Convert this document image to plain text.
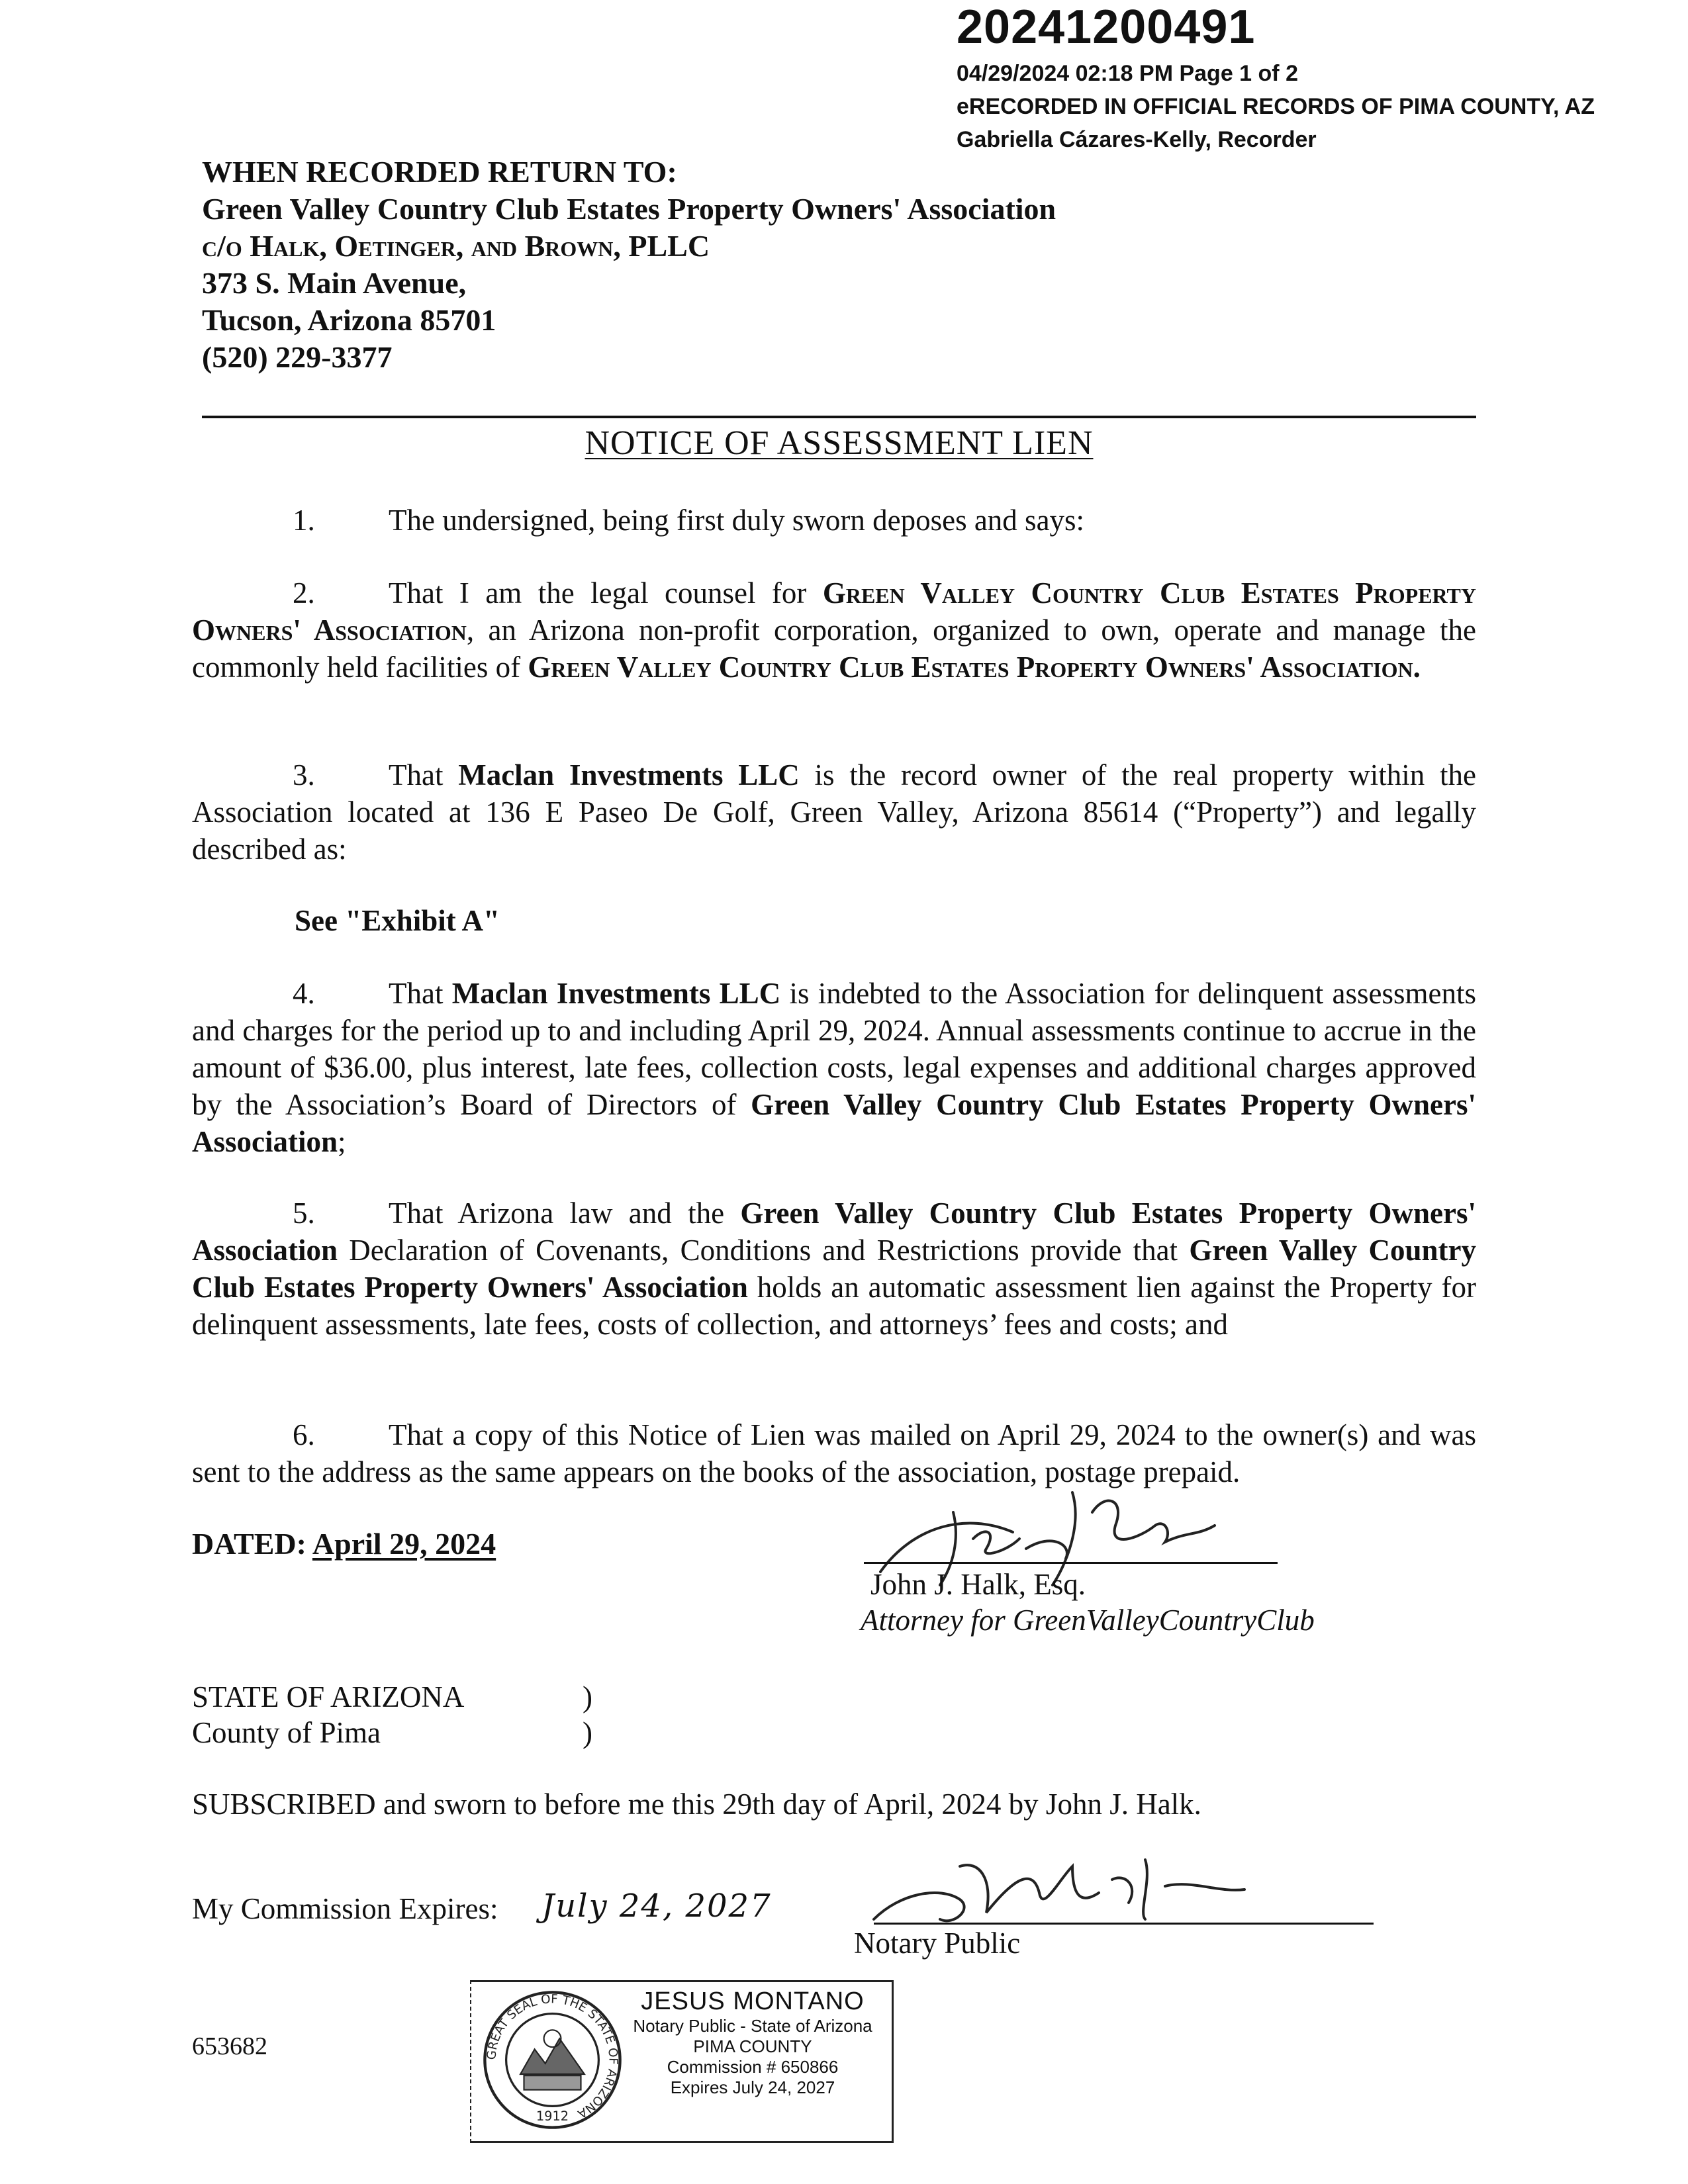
20241200491
04/29/2024 02:18 PM Page 1 of 2
eRECORDED IN OFFICIAL RECORDS OF PIMA COUNTY, AZ
Gabriella Cázares-Kelly, Recorder
WHEN RECORDED RETURN TO:
Green Valley Country Club Estates Property Owners' Association
c/o Halk, Oetinger, and Brown, PLLC
373 S. Main Avenue,
Tucson, Arizona 85701
(520) 229-3377
NOTICE OF ASSESSMENT LIEN
1. The undersigned, being first duly sworn deposes and says:
2. That I am the legal counsel for Green Valley Country Club Estates Property Owners' Association, an Arizona non-profit corporation, organized to own, operate and manage the commonly held facilities of Green Valley Country Club Estates Property Owners' Association.
3. That Maclan Investments LLC is the record owner of the real property within the Association located at 136 E Paseo De Golf, Green Valley, Arizona 85614 (“Property”) and legally described as:
See "Exhibit A"
4. That Maclan Investments LLC is indebted to the Association for delinquent assessments and charges for the period up to and including April 29, 2024. Annual assessments continue to accrue in the amount of $36.00, plus interest, late fees, collection costs, legal expenses and additional charges approved by the Association’s Board of Directors of Green Valley Country Club Estates Property Owners' Association;
5. That Arizona law and the Green Valley Country Club Estates Property Owners' Association Declaration of Covenants, Conditions and Restrictions provide that Green Valley Country Club Estates Property Owners' Association holds an automatic assessment lien against the Property for delinquent assessments, late fees, costs of collection, and attorneys’ fees and costs; and
6. That a copy of this Notice of Lien was mailed on April 29, 2024 to the owner(s) and was sent to the address as the same appears on the books of the association, postage prepaid.
DATED: April 29, 2024
John J. Halk, Esq.
Attorney for GreenValleyCountryClub
STATE OF ARIZONA
County of Pima
)
)
SUBSCRIBED and sworn to before me this 29th day of April, 2024 by John J. Halk.
My Commission Expires: July 24, 2027
Notary Public
653682	GREAT SEAL OF THE STATE OF ARIZONA
1912
JESUS MONTANO
Notary Public - State of Arizona
PIMA COUNTY
Commission # 650866
Expires July 24, 2027
